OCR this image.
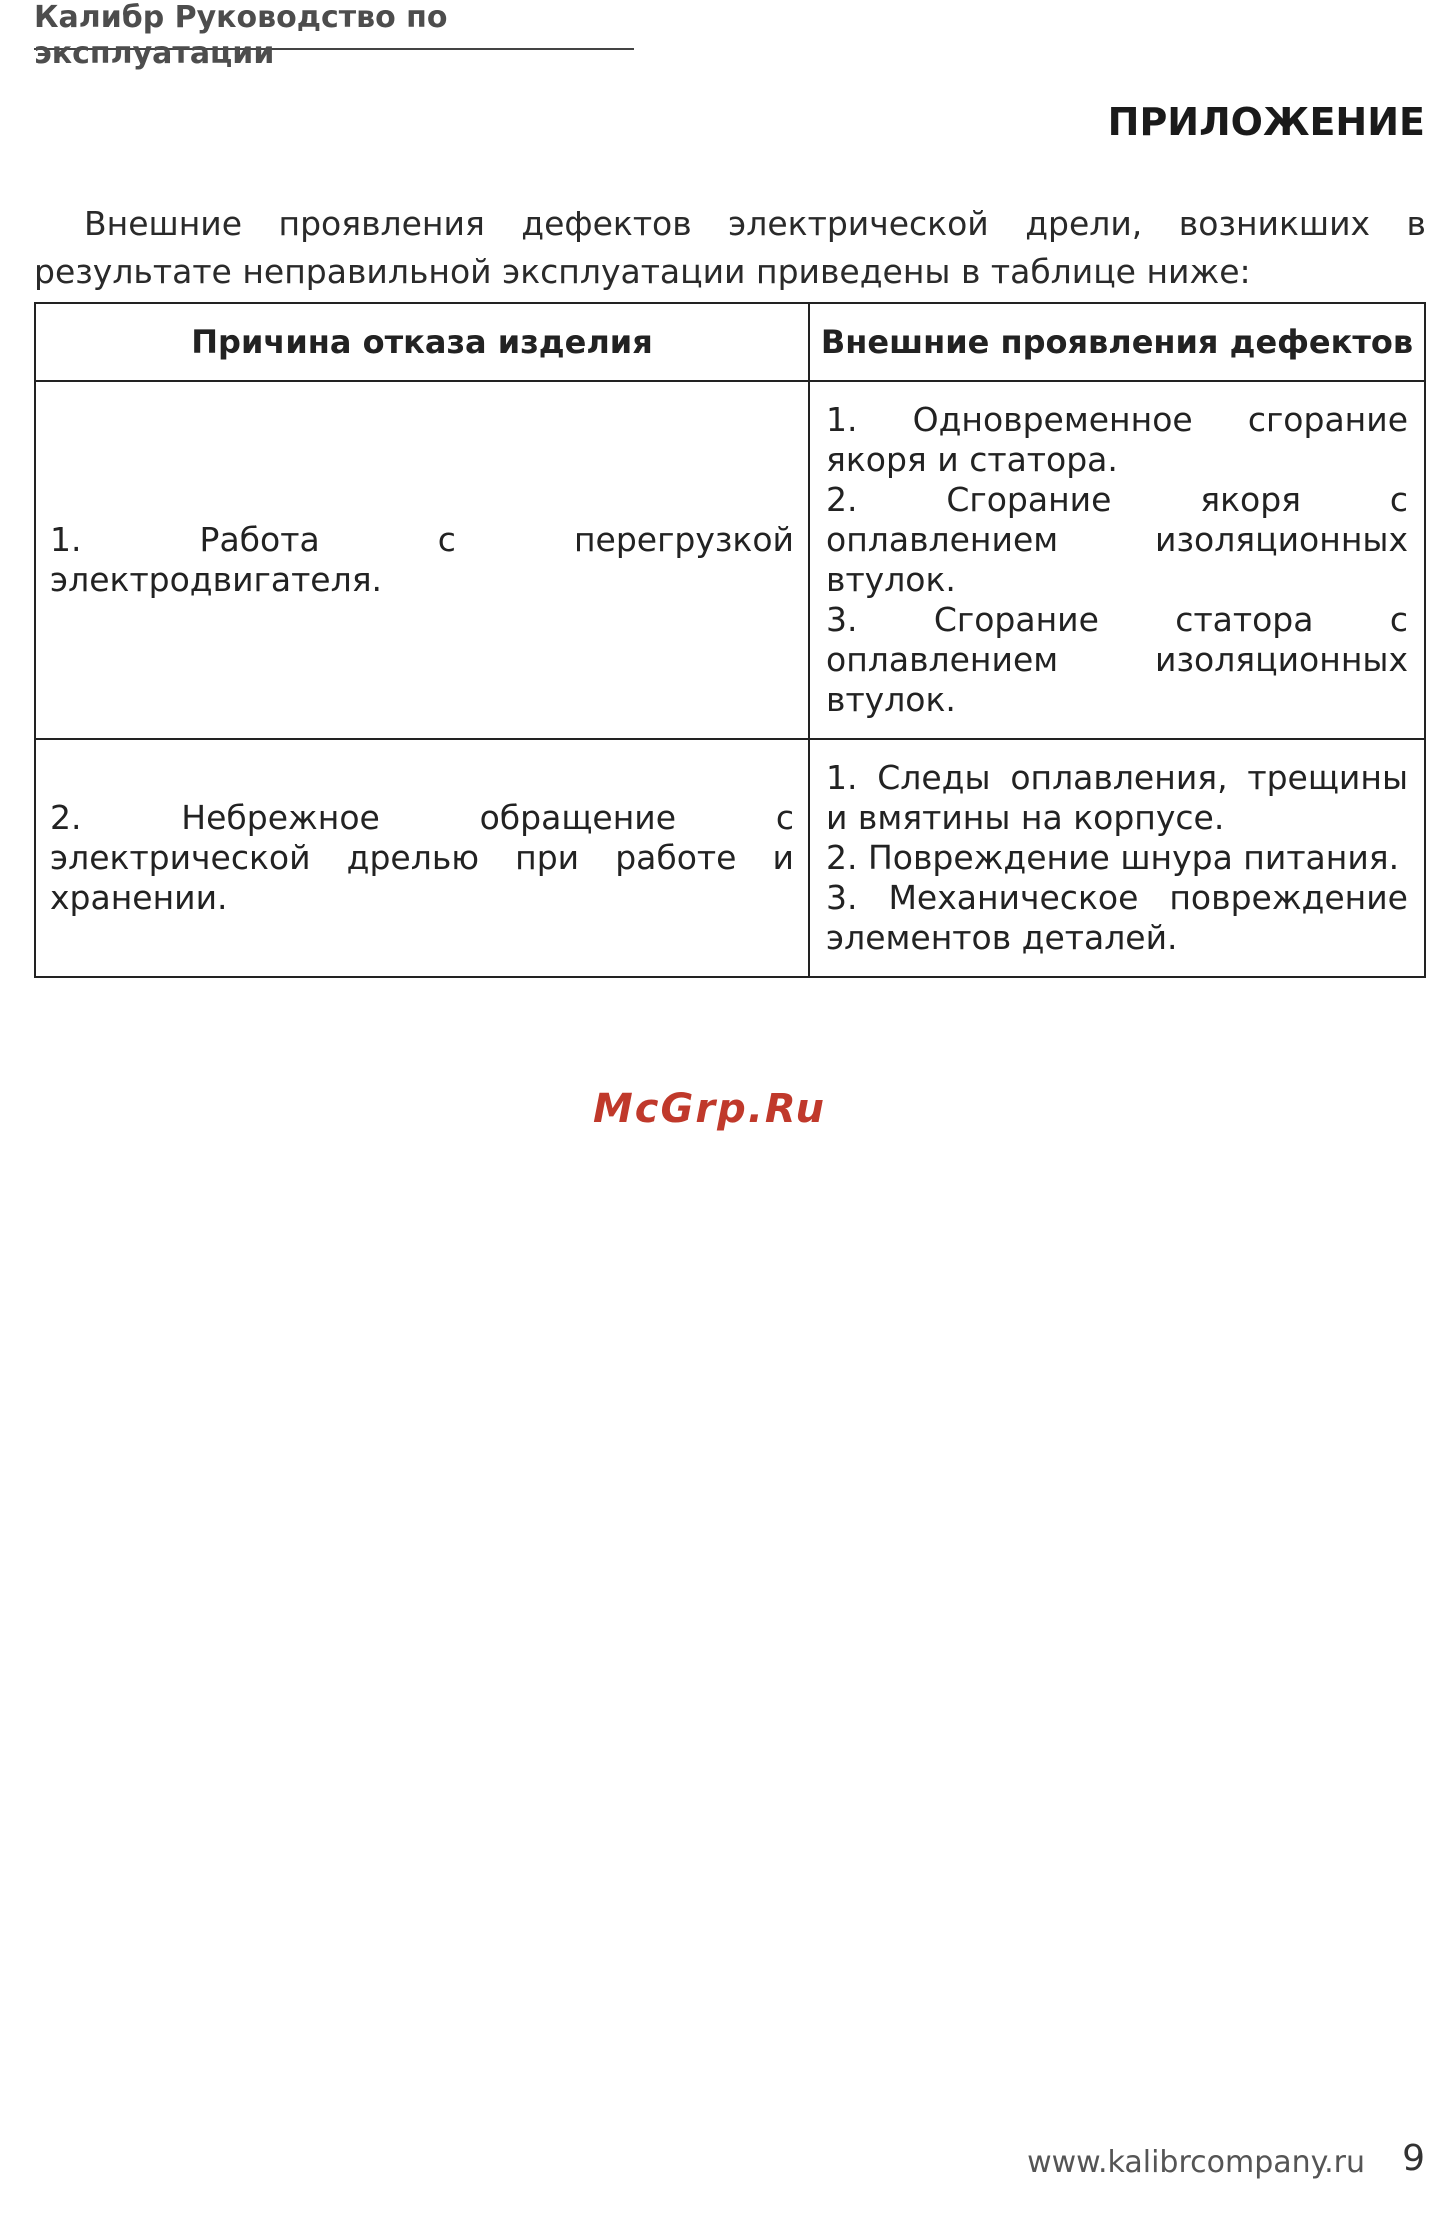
Калибр Руководство по эксплуатации
ПРИЛОЖЕНИЕ
Внешние проявления дефектов электрической дрели, возникших в результате неправильной эксплуатации приведены в таблице ниже:
Причина отказа изделия	Внешние проявления дефектов
1. Работа с перегрузкой электродвигателя.	1. Одновременное сгорание якоря и статора.
2. Сгорание якоря с оплавлением изоляционных втулок.
3. Сгорание статора с оплавлением изоляционных втулок.

2. Небрежное обращение с электрической дрелью при работе и хранении.	1. Следы оплавления, трещины и вмятины на корпусе.
2. Повреждение шнура питания.
3. Механическое повреждение элементов деталей.
McGrp.Ru
www.kalibrcompany.ru 9
